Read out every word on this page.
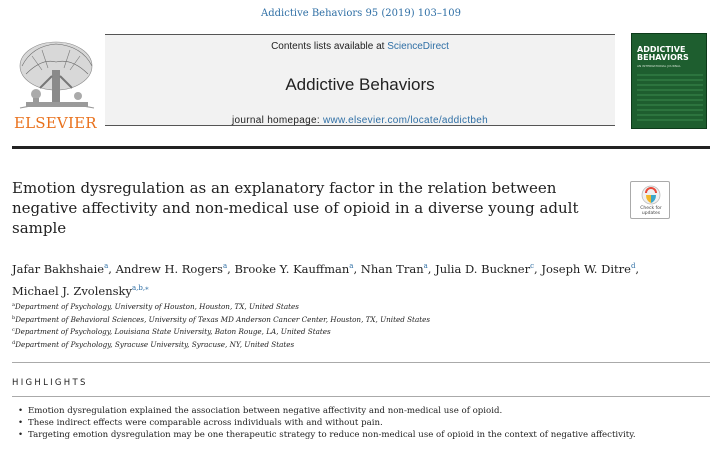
Addictive Behaviors 95 (2019) 103–109
ELSEVIER
Contents lists available at ScienceDirect
Addictive Behaviors
journal homepage: www.elsevier.com/locate/addictbeh
ADDICTIVE
BEHAVIORS
AN INTERNATIONAL JOURNAL
Emotion dysregulation as an explanatory factor in the relation between negative affectivity and non-medical use of opioid in a diverse young adult sample
Check for
updates
Jafar Bakhshaie$^a$, Andrew H. Rogers$^a$, Brooke Y. Kauffman$^a$, Nhan Tran$^a$, Julia D. Buckner$^c$, Joseph W. Ditre$^d$, Michael J. Zvolensky$^{a,b,⁎}$
$^a$Department of Psychology, University of Houston, Houston, TX, United States
$^b$Department of Behavioral Sciences, University of Texas MD Anderson Cancer Center, Houston, TX, United States
$^c$Department of Psychology, Louisiana State University, Baton Rouge, LA, United States
$^d$Department of Psychology, Syracuse University, Syracuse, NY, United States
HIGHLIGHTS
• Emotion dysregulation explained the association between negative affectivity and non-medical use of opioid.
• These indirect effects were comparable across individuals with and without pain.
• Targeting emotion dysregulation may be one therapeutic strategy to reduce non-medical use of opioid in the context of negative affectivity.
